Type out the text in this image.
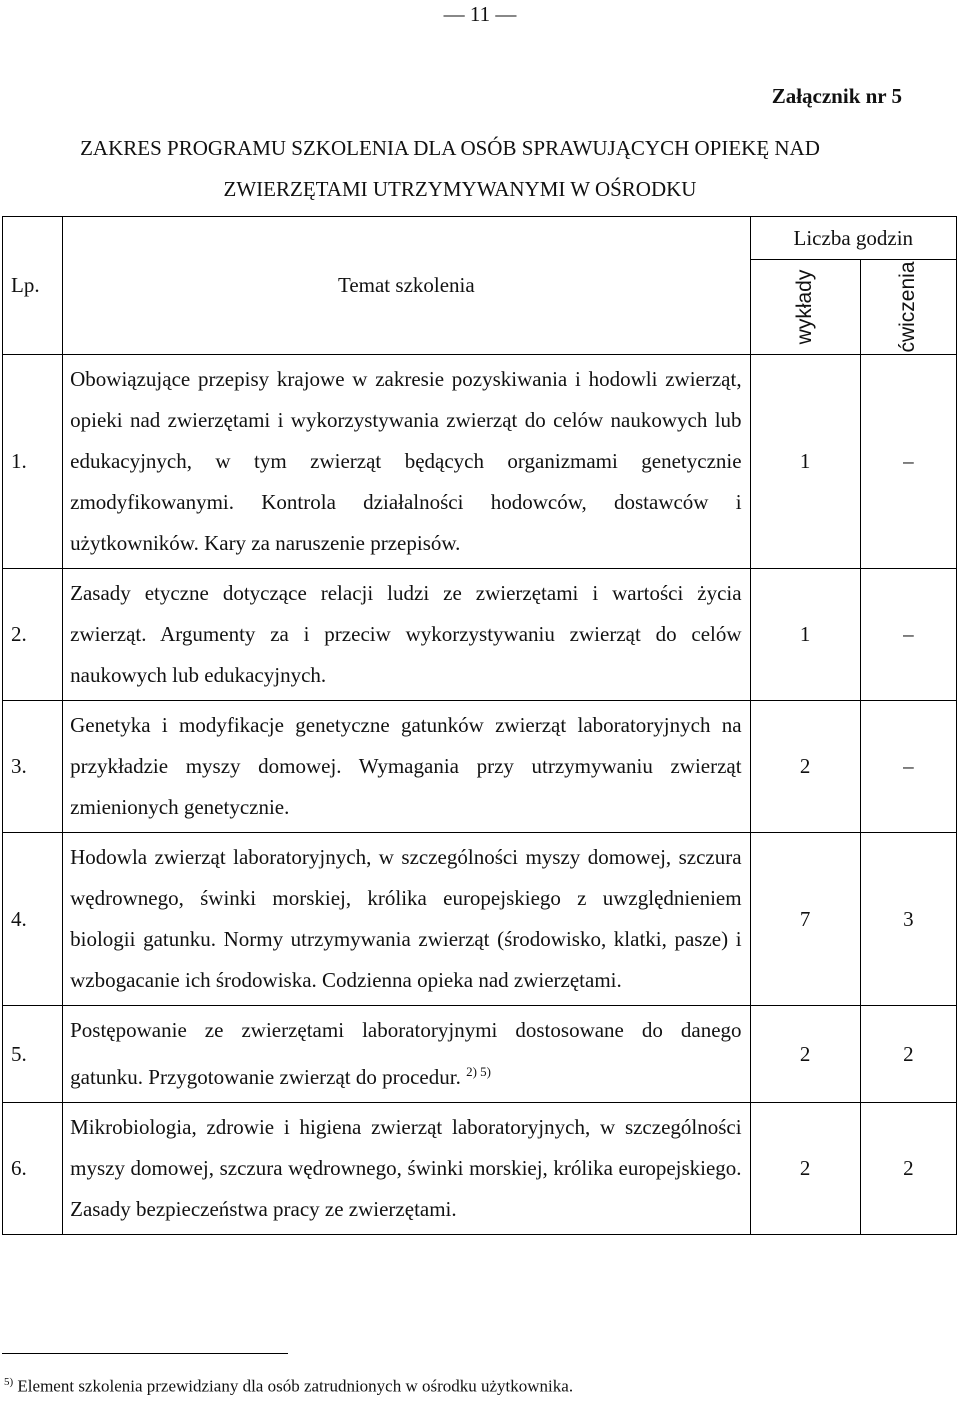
— 11 —
Załącznik nr 5
ZAKRES PROGRAMU SZKOLENIA DLA OSÓB SPRAWUJĄCYCH OPIEKĘ NAD
ZWIERZĘTAMI UTRZYMYWANYMI W OŚRODKU
Lp.	Temat szkolenia	Liczba godzin	

		wykłady	ćwiczenia

1.	Obowiązujące przepisy krajowe w zakresie pozyskiwania i hodowli zwierząt, opieki nad zwierzętami i wykorzystywania zwierząt do celów naukowych lub edukacyjnych, w tym zwierząt będących organizmami genetycznie zmodyfikowanymi. Kontrola działalności hodowców, dostawców i użytkowników. Kary za naruszenie przepisów.	1	–
2.	Zasady etyczne dotyczące relacji ludzi ze zwierzętami i wartości życia zwierząt. Argumenty za i przeciw wykorzystywaniu zwierząt do celów naukowych lub edukacyjnych.	1	–
3.	Genetyka i modyfikacje genetyczne gatunków zwierząt laboratoryjnych na przykładzie myszy domowej. Wymagania przy utrzymywaniu zwierząt zmienionych genetycznie.	2	–
4.	Hodowla zwierząt laboratoryjnych, w szczególności myszy domowej, szczura wędrownego, świnki morskiej, królika europejskiego z uwzględnieniem biologii gatunku. Normy utrzymywania zwierząt (środowisko, klatki, pasze) i wzbogacanie ich środowiska. Codzienna opieka nad zwierzętami.	7	3
5.	Postępowanie ze zwierzętami laboratoryjnymi dostosowane do danego gatunku. Przygotowanie zwierząt do procedur. $^{2) 5)}$	2	2
6.	Mikrobiologia, zdrowie i higiena zwierząt laboratoryjnych, w szczególności myszy domowej, szczura wędrownego, świnki morskiej, królika europejskiego. Zasady bezpieczeństwa pracy ze zwierzętami.	2	2
$^{5)}$ Element szkolenia przewidziany dla osób zatrudnionych w ośrodku użytkownika.
